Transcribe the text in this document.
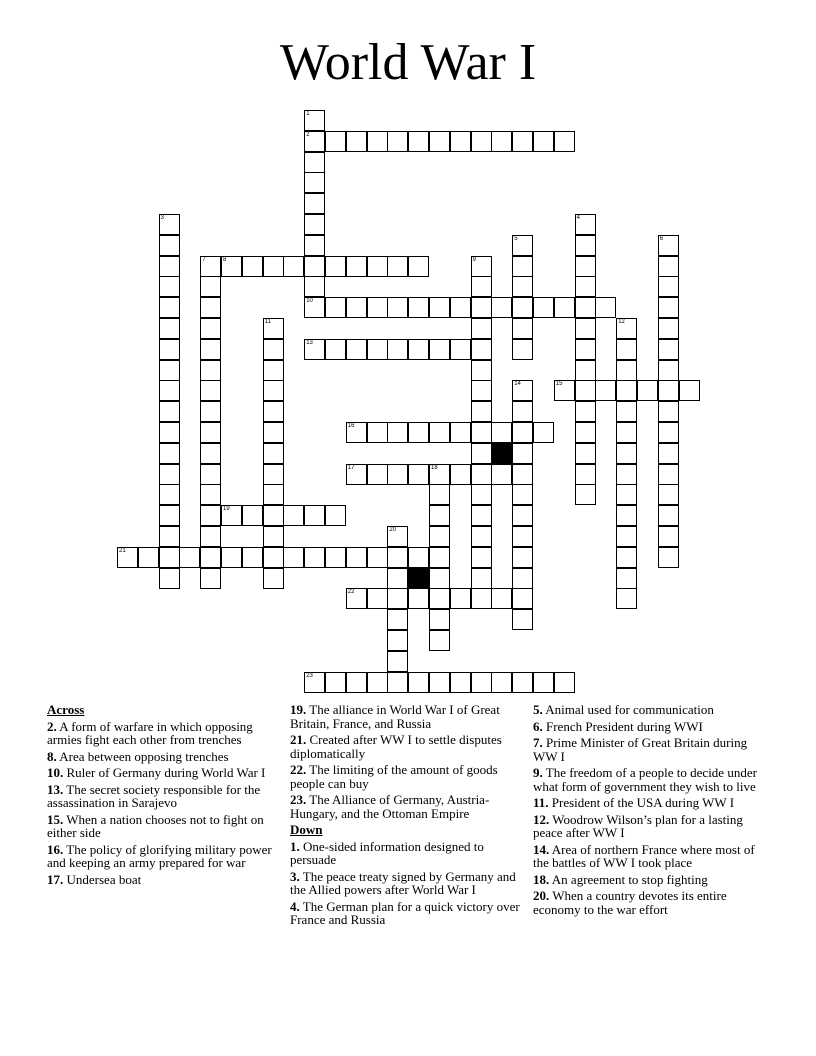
World War I
1
2
10
3	4
5	6
7	8	9
11	12
13
14	15
16
17	18
19
20
21
22
23
Across
2. A form of warfare in which opposing armies fight each other from trenches
8. Area between opposing trenches
10. Ruler of Germany during World War I
13. The secret society responsible for the assassination in Sarajevo
15. When a nation chooses not to fight on either side
16. The policy of glorifying military power and keeping an army prepared for war
17. Undersea boat
19. The alliance in World War I of Great Britain, France, and Russia
21. Created after WW I to settle disputes diplomatically
22. The limiting of the amount of goods people can buy
23. The Alliance of Germany, Austria-Hungary, and the Ottoman Empire
Down
1. One-sided information designed to persuade
3. The peace treaty signed by Germany and the Allied powers after World War I
4. The German plan for a quick victory over France and Russia
5. Animal used for communication
6. French President during WWI
7. Prime Minister of Great Britain during WW I
9. The freedom of a people to decide under what form of government they wish to live
11. President of the USA during WW I
12. Woodrow Wilson’s plan for a lasting peace after WW I
14. Area of northern France where most of the battles of WW I took place
18. An agreement to stop fighting
20. When a country devotes its entire economy to the war effort
